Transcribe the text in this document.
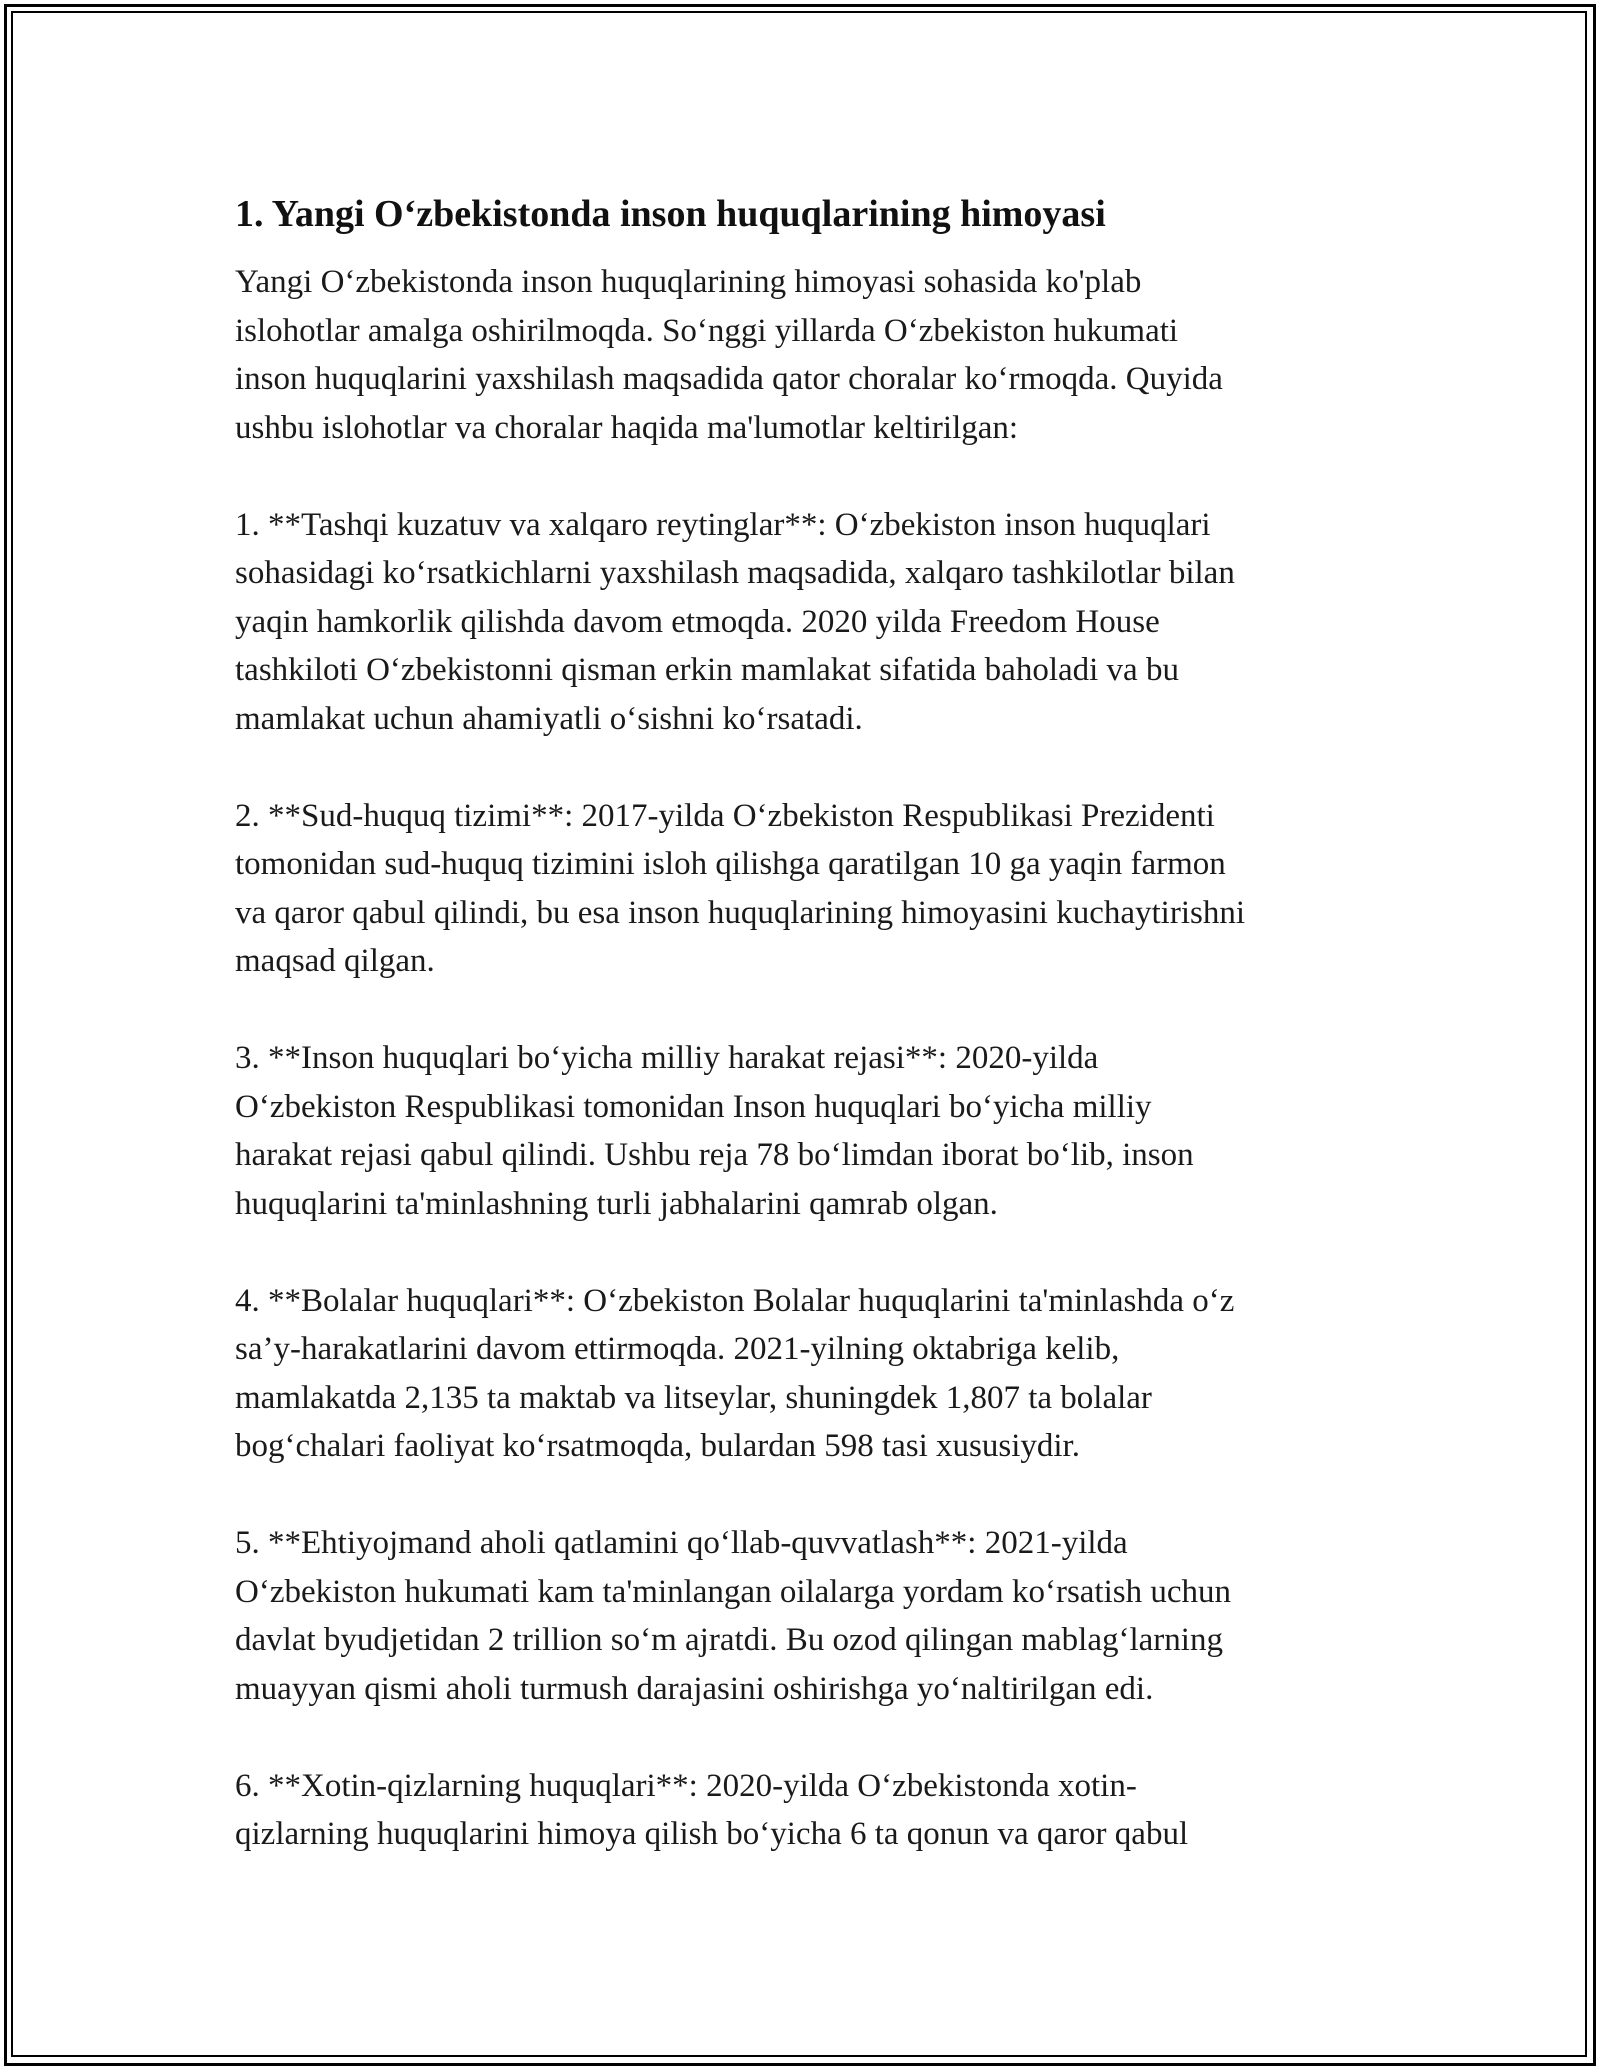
1. Yangi O‘zbekistonda inson huquqlarining himoyasi

Yangi O‘zbekistonda inson huquqlarining himoyasi sohasida ko'plab
islohotlar amalga oshirilmoqda. So‘nggi yillarda O‘zbekiston hukumati
inson huquqlarini yaxshilash maqsadida qator choralar ko‘rmoqda. Quyida
ushbu islohotlar va choralar haqida ma'lumotlar keltirilgan:

1. **Tashqi kuzatuv va xalqaro reytinglar**: O‘zbekiston inson huquqlari
sohasidagi ko‘rsatkichlarni yaxshilash maqsadida, xalqaro tashkilotlar bilan
yaqin hamkorlik qilishda davom etmoqda. 2020 yilda Freedom House
tashkiloti O‘zbekistonni qisman erkin mamlakat sifatida baholadi va bu
mamlakat uchun ahamiyatli o‘sishni ko‘rsatadi.

2. **Sud-huquq tizimi**: 2017-yilda O‘zbekiston Respublikasi Prezidenti
tomonidan sud-huquq tizimini isloh qilishga qaratilgan 10 ga yaqin farmon
va qaror qabul qilindi, bu esa inson huquqlarining himoyasini kuchaytirishni
maqsad qilgan.

3. **Inson huquqlari bo‘yicha milliy harakat rejasi**: 2020-yilda
O‘zbekiston Respublikasi tomonidan Inson huquqlari bo‘yicha milliy
harakat rejasi qabul qilindi. Ushbu reja 78 bo‘limdan iborat bo‘lib, inson
huquqlarini ta'minlashning turli jabhalarini qamrab olgan.

4. **Bolalar huquqlari**: O‘zbekiston Bolalar huquqlarini ta'minlashda o‘z
sa’y-harakatlarini davom ettirmoqda. 2021-yilning oktabriga kelib,
mamlakatda 2,135 ta maktab va litseylar, shuningdek 1,807 ta bolalar
bog‘chalari faoliyat ko‘rsatmoqda, bulardan 598 tasi xususiydir.

5. **Ehtiyojmand aholi qatlamini qo‘llab-quvvatlash**: 2021-yilda
O‘zbekiston hukumati kam ta'minlangan oilalarga yordam ko‘rsatish uchun
davlat byudjetidan 2 trillion so‘m ajratdi. Bu ozod qilingan mablag‘larning
muayyan qismi aholi turmush darajasini oshirishga yo‘naltirilgan edi.

6. **Xotin-qizlarning huquqlari**: 2020-yilda O‘zbekistonda xotin-
qizlarning huquqlarini himoya qilish bo‘yicha 6 ta qonun va qaror qabul
